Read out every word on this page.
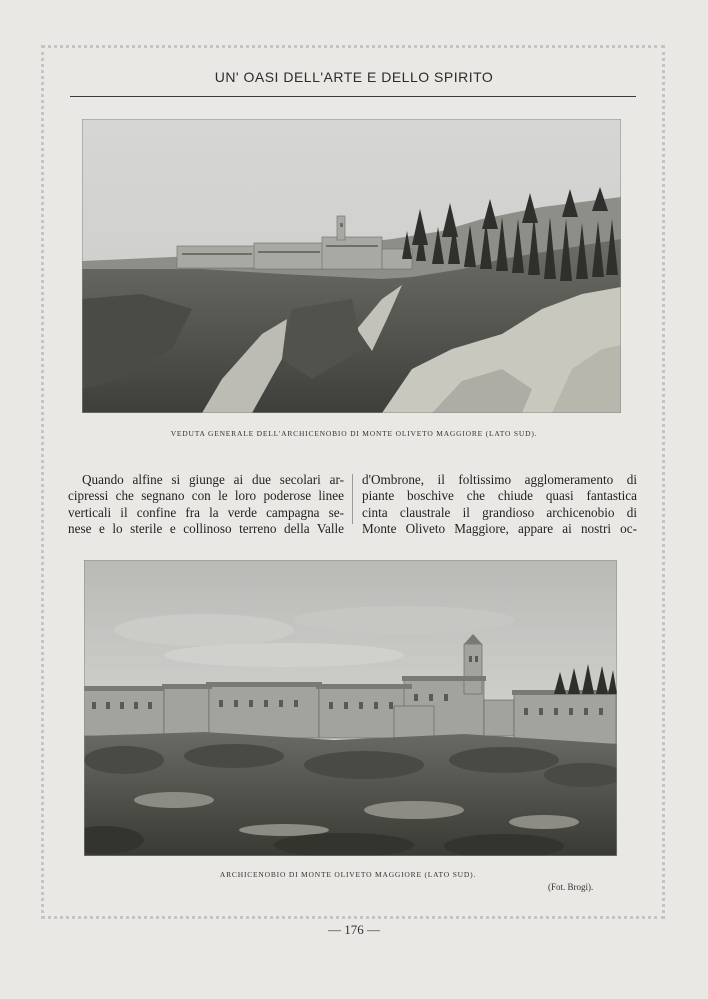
UN' OASI DELL'ARTE E DELLO SPIRITO
VEDUTA GENERALE DELL'ARCHICENOBIO DI MONTE OLIVETO MAGGIORE (LATO SUD).
Quando alfine si giunge ai due secolari ar-
cipressi che segnano con le loro poderose linee
verticali il confine fra la verde campagna se-
nese e lo sterile e collinoso terreno della Valle
d'Ombrone, il foltissimo agglomeramento di
piante boschive che chiude quasi fantastica
cinta claustrale il grandioso archicenobio di
Monte Oliveto Maggiore, appare ai nostri oc-
ARCHICENOBIO DI MONTE OLIVETO MAGGIORE (LATO SUD).
(Fot. Brogi).
— 176 —
